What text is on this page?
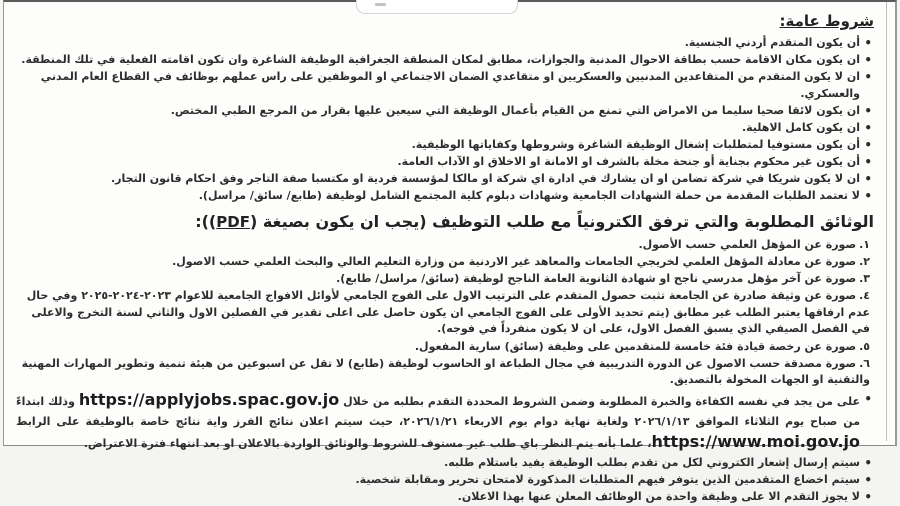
شروط عامة:
• أن يكون المتقدم أردني الجنسية.
• ان يكون مكان الاقامة حسب بطاقة الاحوال المدنية والجوازات، مطابق لمكان المنطقة الجغرافية الوظيفة الشاغرة وان تكون اقامته الفعلية في تلك المنطقة.
• ان لا يكون المتقدم من المتقاعدين المدنيين والعسكريين او متقاعدي الضمان الاجتماعي او الموظفين على راس عملهم بوظائف في القطاع العام المدني والعسكري.
• ان يكون لائقا صحيا سليما من الامراض التي تمنع من القيام بأعمال الوظيفة التي سيعين عليها بقرار من المرجع الطبي المختص.
• ان يكون كامل الاهلية.
• أن يكون مستوفيا لمتطلبات إشغال الوظيفة الشاغرة وشروطها وكفاياتها الوظيفية.
• أن يكون غير محكوم بجناية أو جنحة مخلة بالشرف او الامانة او الاخلاق او الآداب العامة.
• ان لا يكون شريكا في شركة تضامن او ان يشارك في ادارة اي شركة او مالكا لمؤسسة فردية او مكتسبا صفة التاجر وفق احكام قانون التجار.
• لا تعتمد الطلبات المقدمة من حملة الشهادات الجامعية وشهادات دبلوم كلية المجتمع الشامل لوظيفة (طابع/ سائق/ مراسل).
الوثائق المطلوبة والتي ترفق الكترونياً مع طلب التوظيف (يجب ان يكون بصيغة (PDF)):
١.صورة عن المؤهل العلمي حسب الأصول.
٢.صورة عن معادلة المؤهل العلمي لخريجي الجامعات والمعاهد غير الاردنية من وزارة التعليم العالي والبحث العلمي حسب الاصول.
٣.صورة عن آخر مؤهل مدرسي ناجح او شهادة الثانوية العامة الناجح لوظيفة (سائق/ مراسل/ طابع).
٤.صورة عن وثيقة صادرة عن الجامعة تثبت حصول المتقدم على الترتيب الاول على الفوج الجامعي لأوائل الافواج الجامعية للاعوام ٢٠٢٣-٢٠٢٤-٢٠٢٥ وفي حال عدم ارفاقها يعتبر الطلب غير مطابق (يتم تحديد الأولى على الفوج الجامعي ان يكون حاصل على اعلى تقدير في الفصلين الاول والثاني لسنة التخرج والاعلى في الفصل الصيفي الذي يسبق الفصل الاول، على ان لا يكون منفرداً في فوجه).
٥.صورة عن رخصة قيادة فئة خامسة للمتقدمين على وظيفة (سائق) سارية المفعول.
٦.صورة مصدقة حسب الاصول عن الدورة التدريبية في مجال الطباعة او الحاسوب لوظيفة (طابع) لا تقل عن اسبوعين من هيئة تنمية وتطوير المهارات المهنية والتقنية او الجهات المخولة بالتصديق.

• على من يجد في نفسه الكفاءة والخبرة المطلوبة وضمن الشروط المحددة التقدم بطلبه من خلال https://applyjobs.spac.gov.jo وذلك ابتداءً من صباح يوم الثلاثاء الموافق ٢٠٢٦/١/١٣ ولغاية نهاية دوام يوم الاربعاء ٢٠٢٦/١/٢١، حيث سيتم اعلان نتائج الفرز واية نتائج خاصة بالوظيفة على الرابط https://www.moi.gov.jo، علما بأنه يتم النظر باي طلب غير مستوف للشروط والوثائق الواردة بالاعلان او بعد انتهاء فترة الاعتراض.

• سيتم إرسال إشعار الكتروني لكل من تقدم بطلب الوظيفة يفيد باستلام طلبه.
• سيتم اخضاع المتقدمين الذين يتوفر فيهم المتطلبات المذكورة لامتحان تحرير ومقابلة شخصية.
• لا يجوز التقدم الا على وظيفة واحدة من الوظائف المعلن عنها بهذا الاعلان.
